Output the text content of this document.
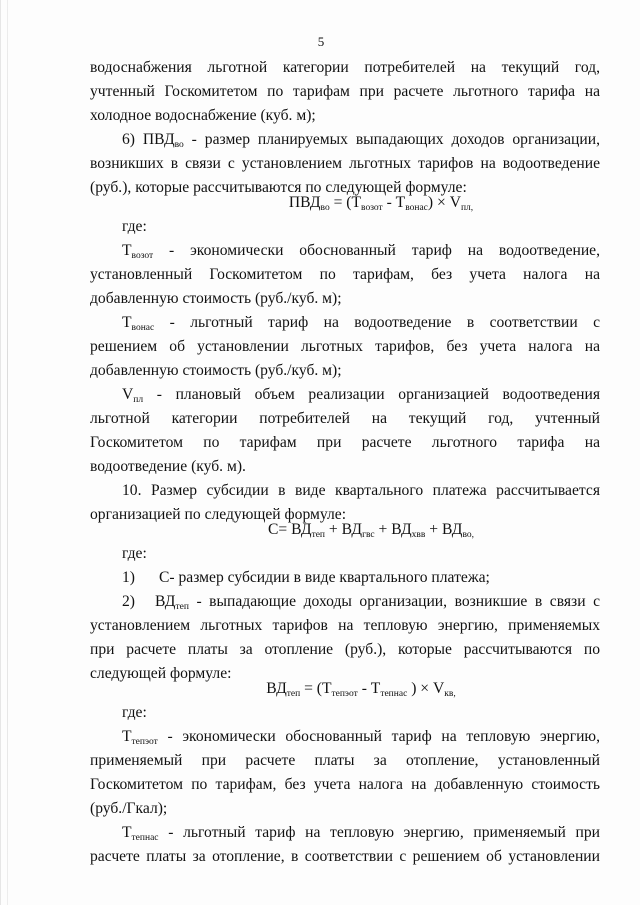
5
водоснабжения льготной категории потребителей на текущий год,
учтенный Госкомитетом по тарифам при расчете льготного тарифа на
холодное водоснабжение (куб. м);
6) $ПВД_{во}$ - размер планируемых выпадающих доходов организации,
возникших в связи с установлением льготных тарифов на водоотведение
(руб.), которые рассчитываются по следующей формуле:
$ПВД_{во} = (Т_{возот} - Т_{вонас}) \times V_{пл,}$
где:
$Т_{возот}$ - экономически обоснованный тариф на водоотведение,
установленный Госкомитетом по тарифам, без учета налога на
добавленную стоимость (руб./куб. м);
$Т_{вонас}$ - льготный тариф на водоотведение в соответствии с
решением об установлении льготных тарифов, без учета налога на
добавленную стоимость (руб./куб. м);
$V_{пл}$ - плановый объем реализации организацией водоотведения
льготной категории потребителей на текущий год, учтенный
Госкомитетом по тарифам при расчете льготного тарифа на
водоотведение (куб. м).
10. Размер субсидии в виде квартального платежа рассчитывается
организацией по следующей формуле:
$С= ВД_{теп} + ВД_{гвс} + ВД_{хвв} + ВД_{во,}$
где:
1) С- размер субсидии в виде квартального платежа;
2) $ВД_{теп}$ - выпадающие доходы организации, возникшие в связи с
установлением льготных тарифов на тепловую энергию, применяемых
при расчете платы за отопление (руб.), которые рассчитываются по
следующей формуле:
$ВД_{теп} = (Т_{тепэот} - Т_{тепнас}$ ) × $V_{кв,}$
где:
$Т_{тепэот}$ - экономически обоснованный тариф на тепловую энергию,
применяемый при расчете платы за отопление, установленный
Госкомитетом по тарифам, без учета налога на добавленную стоимость
(руб./Гкал);
$Т_{тепнас}$ - льготный тариф на тепловую энергию, применяемый при
расчете платы за отопление, в соответствии с решением об установлении
